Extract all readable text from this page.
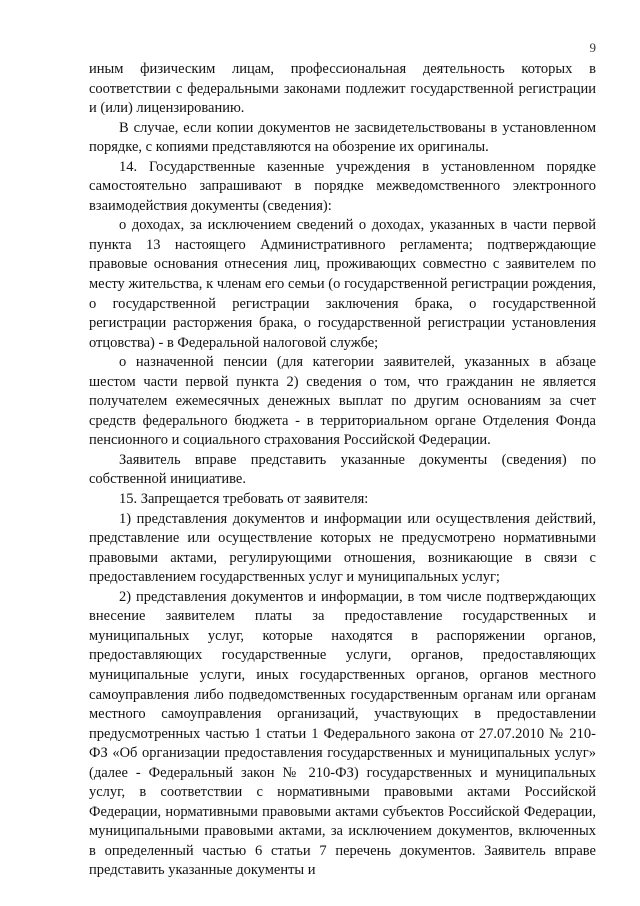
9

иным физическим лицам, профессиональная деятельность которых в соответствии с федеральными законами подлежит государственной регистрации и (или) лицензированию.

В случае, если копии документов не засвидетельствованы в установленном порядке, с копиями представляются на обозрение их оригиналы.

14. Государственные казенные учреждения в установленном порядке самостоятельно запрашивают в порядке межведомственного электронного взаимодействия документы (сведения):

о доходах, за исключением сведений о доходах, указанных в части первой пункта 13 настоящего Административного регламента; подтверждающие правовые основания отнесения лиц, проживающих совместно с заявителем по месту жительства, к членам его семьи (о государственной регистрации рождения, о государственной регистрации заключения брака, о государственной регистрации расторжения брака, о государственной регистрации установления отцовства) - в Федеральной налоговой службе;

о назначенной пенсии (для категории заявителей, указанных в абзаце шестом части первой пункта 2) сведения о том, что гражданин не является получателем ежемесячных денежных выплат по другим основаниям за счет средств федерального бюджета - в территориальном органе Отделения Фонда пенсионного и социального страхования Российской Федерации.

Заявитель вправе представить указанные документы (сведения) по собственной инициативе.

15. Запрещается требовать от заявителя:

1) представления документов и информации или осуществления действий, представление или осуществление которых не предусмотрено нормативными правовыми актами, регулирующими отношения, возникающие в связи с предоставлением государственных услуг и муниципальных услуг;

2) представления документов и информации, в том числе подтверждающих внесение заявителем платы за предоставление государственных и муниципальных услуг, которые находятся в распоряжении органов, предоставляющих государственные услуги, органов, предоставляющих муниципальные услуги, иных государственных органов, органов местного самоуправления либо подведомственных государственным органам или органам местного самоуправления организаций, участвующих в предоставлении предусмотренных частью 1 статьи 1 Федерального закона от 27.07.2010 № 210-ФЗ «Об организации предоставления государственных и муниципальных услуг» (далее - Федеральный закон № 210-ФЗ) государственных и муниципальных услуг, в соответствии с нормативными правовыми актами Российской Федерации, нормативными правовыми актами субъектов Российской Федерации, муниципальными правовыми актами, за исключением документов, включенных в определенный частью 6 статьи 7 перечень документов. Заявитель вправе представить указанные документы и
